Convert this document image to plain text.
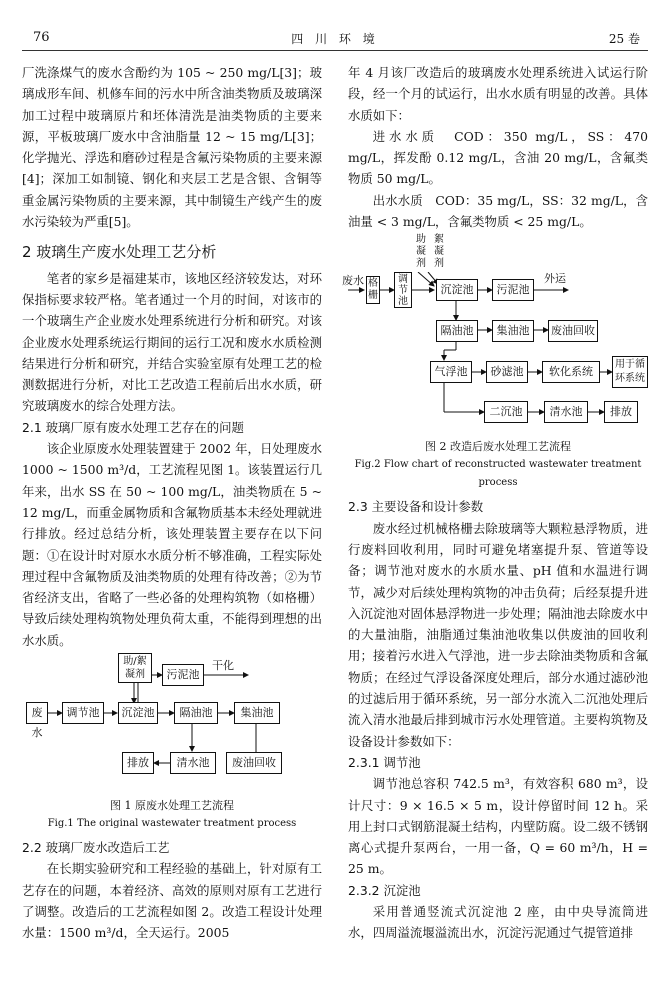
76	四 川 环 境	25 卷

厂洗涤煤气的废水含酚约为 105 ~ 250 mg/L[3]；玻璃成形车间、机修车间的污水中所含油类物质及玻璃深加工过程中玻璃原片和坯体清洗是油类物质的主要来源，平板玻璃厂废水中含油脂量 12 ~ 15 mg/L[3]；化学抛光、浮选和磨砂过程是含氟污染物质的主要来源[4]；深加工如制镜、钢化和夹层工艺是含银、含铜等重金属污染物质的主要来源，其中制镜生产线产生的废水污染较为严重[5]。

2 玻璃生产废水处理工艺分析

笔者的家乡是福建某市，该地区经济较发达，对环保指标要求较严格。笔者通过一个月的时间，对该市的一个玻璃生产企业废水处理系统进行分析和研究。对该企业废水处理系统运行期间的运行工况和废水水质检测结果进行分析和研究，并结合实验室原有处理工艺的检测数据进行分析，对比工艺改造工程前后出水水质，研究玻璃废水的综合处理方法。

2.1 玻璃厂原有废水处理工艺存在的问题

该企业原废水处理装置建于 2002 年，日处理废水 1000 ~ 1500 m³/d，工艺流程见图 1。该装置运行几年来，出水 SS 在 50 ~ 100 mg/L，油类物质在 5 ~ 12 mg/L，而重金属物质和含氟物质基本未经处理就进行排放。经过总结分析，该处理装置主要存在以下问题：①在设计时对原水水质分析不够准确，工程实际处理过程中含氟物质及油类物质的处理有待改善；②为节省经济支出，省略了一些必备的处理构筑物（如格栅）导致后续处理构筑物处理负荷太重，不能得到理想的出水水质。

废水
调节池
助/絮凝剂
沉淀池
污泥池
干化
隔油池	集油池
排放	清水池	废油回收
图 1 原废水处理工艺流程
Fig.1 The original wastewater treatment process
2.2 玻璃厂废水改造后工艺

在长期实验研究和工程经验的基础上，针对原有工艺存在的问题，本着经济、高效的原则对原有工艺进行了调整。改造后的工艺流程如图 2。改造工程设计处理水量：1500 m³/d，全天运行。2005

年 4 月该厂改造后的玻璃废水处理系统进入试运行阶段，经一个月的试运行，出水水质有明显的改善。具体水质如下：

进水水质　 COD：350 mg/L，SS：470 mg/L，挥发酚 0.12 mg/L，含油 20 mg/L，含氟类物质 50 mg/L。

出水水质　 COD：35 mg/L，SS：32 mg/L，含油量 < 3 mg/L，含氟类物质 < 25 mg/L。

助凝剂
絮凝剂
废水 格栅
调节池
沉淀池	污泥池
外运
隔油池	集油池	废油回收
气浮池	砂滤池	软化系统
用于循环系统
二沉池	清水池	排放
图 2 改造后废水处理工艺流程
Fig.2 Flow chart of reconstructed wastewater treatment process
2.3 主要设备和设计参数

废水经过机械格栅去除玻璃等大颗粒悬浮物质，进行废料回收利用，同时可避免堵塞提升泵、管道等设备；调节池对废水的水质水量、pH 值和水温进行调节，减少对后续处理构筑物的冲击负荷；后经泵提升进入沉淀池对固体悬浮物进一步处理；隔油池去除废水中的大量油脂，油脂通过集油池收集以供废油的回收利用；接着污水进入气浮池，进一步去除油类物质和含氟物质；在经过气浮设备深度处理后，部分水通过滤砂池的过滤后用于循环系统，另一部分水流入二沉池处理后流入清水池最后排到城市污水处理管道。主要构筑物及设备设计参数如下：

2.3.1 调节池

调节池总容积 742.5 m³，有效容积 680 m³，设计尺寸：9 × 16.5 × 5 m，设计停留时间 12 h。采用上封口式钢筋混凝土结构，内壁防腐。设二级不锈钢离心式提升泵两台，一用一备，Q = 60 m³/h，H = 25 m。

2.3.2 沉淀池

采用普通竖流式沉淀池 2 座，由中央导流筒进水，四周溢流堰溢流出水，沉淀污泥通过气提管道排
